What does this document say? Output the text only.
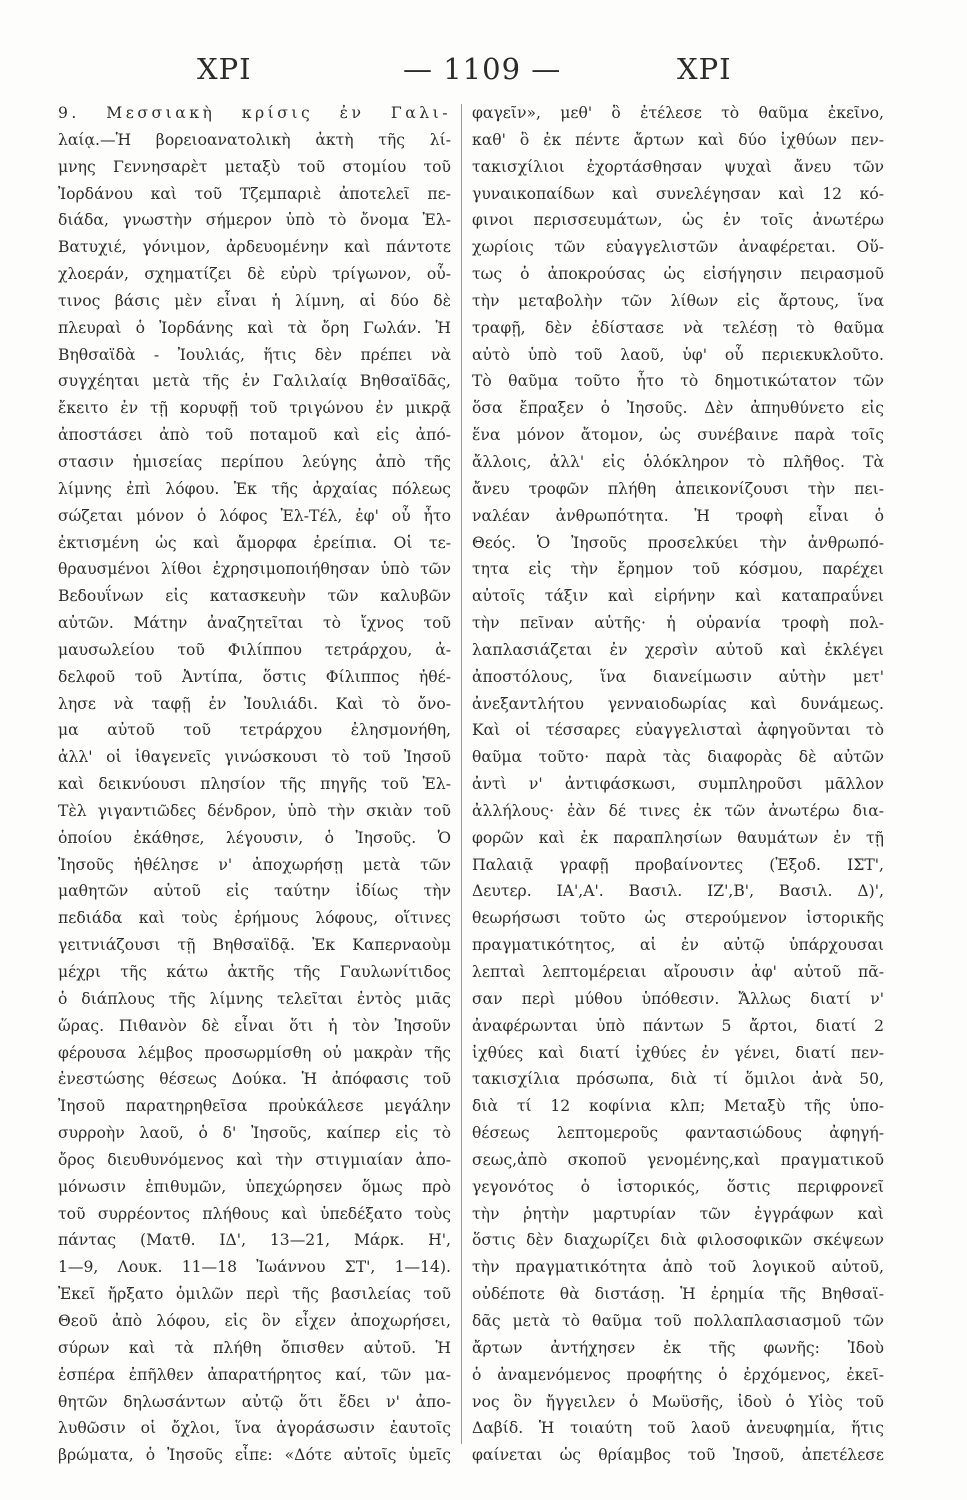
ΧΡΙ	— 1109 —	ΧΡΙ
9. Μεσσιακὴ κρίσις ἐν Γαλι-
λαίᾳ.—Ἡ βορειοανατολικὴ ἀκτὴ τῆς λί-
μνης Γεννησαρὲτ μεταξὺ τοῦ στομίου τοῦ
Ἰορδάνου καὶ τοῦ Τζεμπαριὲ ἀποτελεῖ πε-
διάδα, γνωστὴν σήμερον ὑπὸ τὸ ὄνομα Ἐλ-
Βατυχιέ, γόνιμον, ἀρδευομένην καὶ πάντοτε
χλοεράν, σχηματίζει δὲ εὐρὺ τρίγωνον, οὗ-
τινος βάσις μὲν εἶναι ἡ λίμνη, αἱ δύο δὲ
πλευραὶ ὁ Ἰορδάνης καὶ τὰ ὄρη Γωλάν. Ἡ
Βηθσαϊδὰ - Ἰουλιάς, ἥτις δὲν πρέπει νὰ
συγχέηται μετὰ τῆς ἐν Γαλιλαίᾳ Βηθσαϊδᾶς,
ἔκειτο ἐν τῇ κορυφῇ τοῦ τριγώνου ἐν μικρᾷ
ἀποστάσει ἀπὸ τοῦ ποταμοῦ καὶ εἰς ἀπό-
στασιν ἡμισείας περίπου λεύγης ἀπὸ τῆς
λίμνης ἐπὶ λόφου. Ἐκ τῆς ἀρχαίας πόλεως
σώζεται μόνον ὁ λόφος Ἐλ-Τέλ, ἐφ' οὗ ἦτο
ἐκτισμένη ὡς καὶ ἄμορφα ἐρείπια. Οἱ τε-
θραυσμένοι λίθοι ἐχρησιμοποιήθησαν ὑπὸ τῶν
Βεδουΐνων εἰς κατασκευὴν τῶν καλυβῶν
αὐτῶν. Μάτην ἀναζητεῖται τὸ ἴχνος τοῦ
μαυσωλείου τοῦ Φιλίππου τετράρχου, ἀ-
δελφοῦ τοῦ Ἀντίπα, ὅστις Φίλιππος ἠθέ-
λησε νὰ ταφῇ ἐν Ἰουλιάδι. Καὶ τὸ ὄνο-
μα αὐτοῦ τοῦ τετράρχου ἐλησμονήθη,
ἀλλ' οἱ ἰθαγενεῖς γινώσκουσι τὸ τοῦ Ἰησοῦ
καὶ δεικνύουσι πλησίον τῆς πηγῆς τοῦ Ἐλ-
Τὲλ γιγαντιῶδες δένδρον, ὑπὸ τὴν σκιὰν τοῦ
ὁποίου ἐκάθησε, λέγουσιν, ὁ Ἰησοῦς. Ὁ
Ἰησοῦς ἠθέλησε ν' ἀποχωρήσῃ μετὰ τῶν
μαθητῶν αὐτοῦ εἰς ταύτην ἰδίως τὴν
πεδιάδα καὶ τοὺς ἐρήμους λόφους, οἵτινες
γειτνιάζουσι τῇ Βηθσαϊδᾷ. Ἐκ Καπερναοὺμ
μέχρι τῆς κάτω ἀκτῆς τῆς Γαυλωνίτιδος
ὁ διάπλους τῆς λίμνης τελεῖται ἐντὸς μιᾶς
ὥρας. Πιθανὸν δὲ εἶναι ὅτι ἡ τὸν Ἰησοῦν
φέρουσα λέμβος προσωρμίσθη οὐ μακρὰν τῆς
ἐνεστώσης θέσεως Δούκα. Ἡ ἀπόφασις τοῦ
Ἰησοῦ παρατηρηθεῖσα προὐκάλεσε μεγάλην
συρροὴν λαοῦ, ὁ δ' Ἰησοῦς, καίπερ εἰς τὸ
ὄρος διευθυνόμενος καὶ τὴν στιγμιαίαν ἀπο-
μόνωσιν ἐπιθυμῶν, ὑπεχώρησεν ὅμως πρὸ
τοῦ συρρέοντος πλήθους καὶ ὑπεδέξατο τοὺς
πάντας (Ματθ. ΙΔ', 13—21, Μάρκ. Η',
1—9, Λουκ. 11—18 Ἰωάννου ΣΤ', 1—14).
Ἐκεῖ ἤρξατο ὁμιλῶν περὶ τῆς βασιλείας τοῦ
Θεοῦ ἀπὸ λόφου, εἰς ὃν εἶχεν ἀποχωρήσει,
σύρων καὶ τὰ πλήθη ὄπισθεν αὐτοῦ. Ἡ
ἑσπέρα ἐπῆλθεν ἀπαρατήρητος καί, τῶν μα-
θητῶν δηλωσάντων αὐτῷ ὅτι ἔδει ν' ἀπο-
λυθῶσιν οἱ ὄχλοι, ἵνα ἀγοράσωσιν ἑαυτοῖς
βρώματα, ὁ Ἰησοῦς εἶπε: «Δότε αὐτοῖς ὑμεῖς
φαγεῖν», μεθ' ὃ ἐτέλεσε τὸ θαῦμα ἐκεῖνο,
καθ' ὃ ἐκ πέντε ἄρτων καὶ δύο ἰχθύων πεν-
τακισχίλιοι ἐχορτάσθησαν ψυχαὶ ἄνευ τῶν
γυναικοπαίδων καὶ συνελέγησαν καὶ 12 κό-
φινοι περισσευμάτων, ὡς ἐν τοῖς ἀνωτέρω
χωρίοις τῶν εὐαγγελιστῶν ἀναφέρεται. Οὕ-
τως ὁ ἀποκρούσας ὡς εἰσήγησιν πειρασμοῦ
τὴν μεταβολὴν τῶν λίθων εἰς ἄρτους, ἵνα
τραφῇ, δὲν ἐδίστασε νὰ τελέσῃ τὸ θαῦμα
αὐτὸ ὑπὸ τοῦ λαοῦ, ὑφ' οὗ περιεκυκλοῦτο.
Τὸ θαῦμα τοῦτο ἦτο τὸ δημοτικώτατον τῶν
ὅσα ἔπραξεν ὁ Ἰησοῦς. Δὲν ἀπηυθύνετο εἰς
ἕνα μόνον ἄτομον, ὡς συνέβαινε παρὰ τοῖς
ἄλλοις, ἀλλ' εἰς ὁλόκληρον τὸ πλῆθος. Τὰ
ἄνευ τροφῶν πλήθη ἀπεικονίζουσι τὴν πει-
ναλέαν ἀνθρωπότητα. Ἡ τροφὴ εἶναι ὁ
Θεός. Ὁ Ἰησοῦς προσελκύει τὴν ἀνθρωπό-
τητα εἰς τὴν ἔρημον τοῦ κόσμου, παρέχει
αὐτοῖς τάξιν καὶ εἰρήνην καὶ καταπραΰνει
τὴν πεῖναν αὐτῆς· ἡ οὐρανία τροφὴ πολ-
λαπλασιάζεται ἐν χερσὶν αὐτοῦ καὶ ἐκλέγει
ἀποστόλους, ἵνα διανείμωσιν αὐτὴν μετ'
ἀνεξαντλήτου γενναιοδωρίας καὶ δυνάμεως.
Καὶ οἱ τέσσαρες εὐαγγελισταὶ ἀφηγοῦνται τὸ
θαῦμα τοῦτο· παρὰ τὰς διαφορὰς δὲ αὐτῶν
ἀντὶ ν' ἀντιφάσκωσι, συμπληροῦσι μᾶλλον
ἀλλήλους· ἐὰν δέ τινες ἐκ τῶν ἀνωτέρω δια-
φορῶν καὶ ἐκ παραπλησίων θαυμάτων ἐν τῇ
Παλαιᾷ γραφῇ προβαίνοντες (Ἐξοδ. ΙΣΤ',
Δευτερ. ΙΑ',Α'. Βασιλ. ΙΖ',Β', Βασιλ. Δ)',
θεωρήσωσι τοῦτο ὡς στερούμενον ἱστορικῆς
πραγματικότητος, αἱ ἐν αὐτῷ ὑπάρχουσαι
λεπταὶ λεπτομέρειαι αἴρουσιν ἀφ' αὐτοῦ πᾶ-
σαν περὶ μύθου ὑπόθεσιν. Ἄλλως διατί ν'
ἀναφέρωνται ὑπὸ πάντων 5 ἄρτοι, διατί 2
ἰχθύες καὶ διατί ἰχθύες ἐν γένει, διατί πεν-
τακισχίλια πρόσωπα, διὰ τί ὅμιλοι ἀνὰ 50,
διὰ τί 12 κοφίνια κλπ; Μεταξὺ τῆς ὑπο-
θέσεως λεπτομεροῦς φαντασιώδους ἀφηγή-
σεως,ἀπὸ σκοποῦ γενομένης,καὶ πραγματικοῦ
γεγονότος ὁ ἱστορικός, ὅστις περιφρονεῖ
τὴν ῥητὴν μαρτυρίαν τῶν ἐγγράφων καὶ
ὅστις δὲν διαχωρίζει διὰ φιλοσοφικῶν σκέψεων
τὴν πραγματικότητα ἀπὸ τοῦ λογικοῦ αὐτοῦ,
οὐδέποτε θὰ διστάσῃ. Ἡ ἐρημία τῆς Βηθσαϊ-
δᾶς μετὰ τὸ θαῦμα τοῦ πολλαπλασιασμοῦ τῶν
ἄρτων ἀντήχησεν ἐκ τῆς φωνῆς: Ἰδοὺ
ὁ ἀναμενόμενος προφήτης ὁ ἐρχόμενος, ἐκεῖ-
νος ὃν ἤγγειλεν ὁ Μωϋσῆς, ἰδοὺ ὁ Υἱὸς τοῦ
Δαβίδ. Ἡ τοιαύτη τοῦ λαοῦ ἀνευφημία, ἥτις
φαίνεται ὡς θρίαμβος τοῦ Ἰησοῦ, ἀπετέλεσε
